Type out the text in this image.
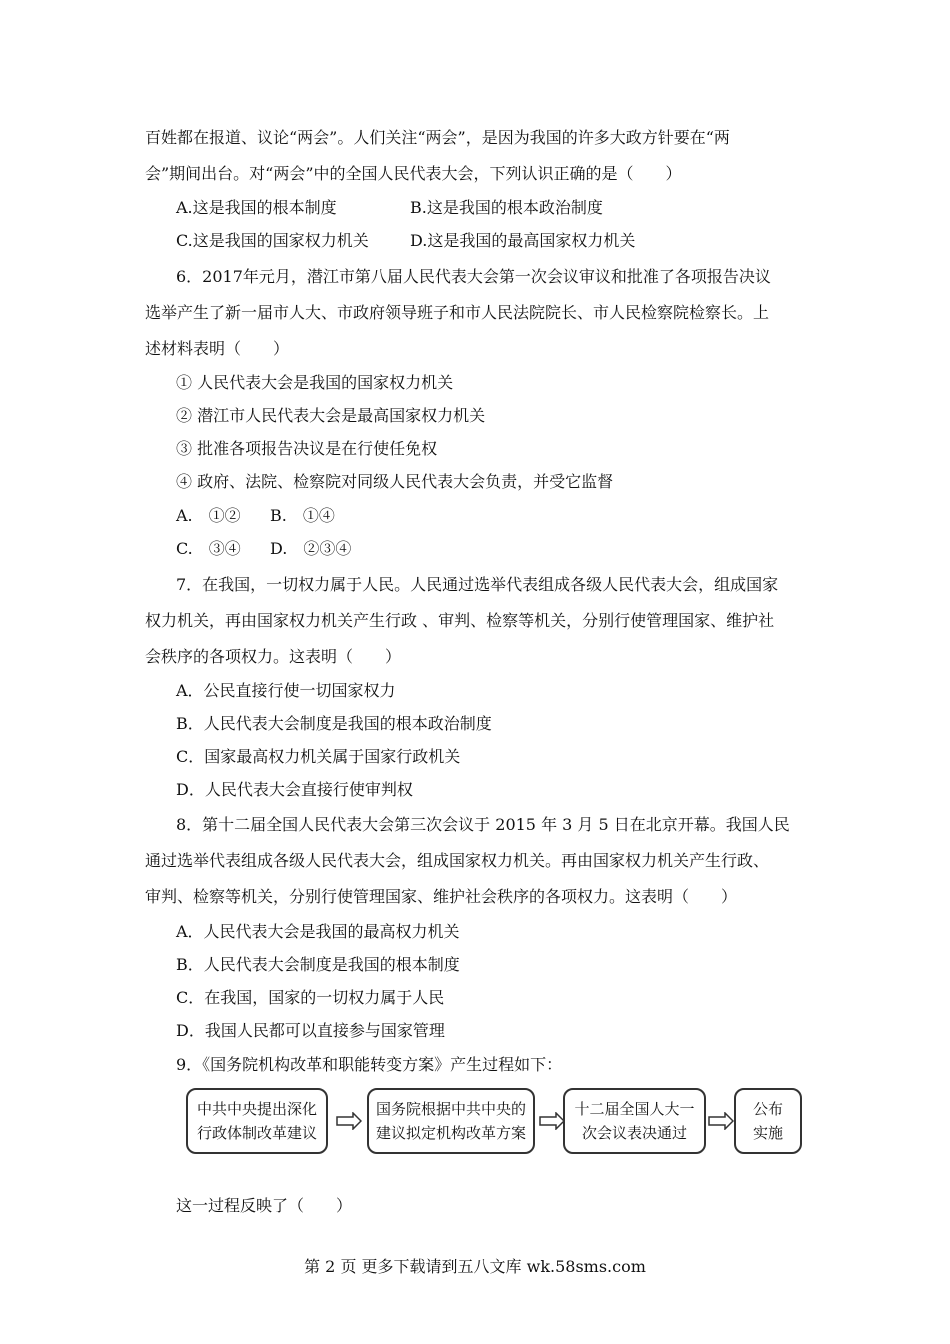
百姓都在报道、议论“两会”。人们关注“两会”，是因为我国的许多大政方针要在“两
会”期间出台。对“两会”中的全国人民代表大会，下列认识正确的是（　　）
A.这是我国的根本制度	B.这是我国的根本政治制度
C.这是我国的国家权力机关	D.这是我国的最高国家权力机关
6．2017年元月，潜江市第八届人民代表大会第一次会议审议和批准了各项报告决议
选举产生了新一届市人大、市政府领导班子和市人民法院院长、市人民检察院检察长。上
述材料表明（　　）
① 人民代表大会是我国的国家权力机关
② 潜江市人民代表大会是最高国家权力机关
③ 批准各项报告决议是在行使任免权
④ 政府、法院、检察院对同级人民代表大会负责，并受它监督
A.　①② B.　①④
C.　③④ D.　②③④
7．在我国，一切权力属于人民。人民通过选举代表组成各级人民代表大会，组成国家
权力机关，再由国家权力机关产生行政 、审判、检察等机关，分别行使管理国家、维护社
会秩序的各项权力。这表明（　　）
A．公民直接行使一切国家权力
B．人民代表大会制度是我国的根本政治制度
C．国家最高权力机关属于国家行政机关
D．人民代表大会直接行使审判权
8．第十二届全国人民代表大会第三次会议于 2015 年 3 月 5 日在北京开幕。我国人民
通过选举代表组成各级人民代表大会，组成国家权力机关。再由国家权力机关产生行政、
审判、检察等机关，分别行使管理国家、维护社会秩序的各项权力。这表明（　　）
A．人民代表大会是我国的最高权力机关
B．人民代表大会制度是我国的根本制度
C．在我国，国家的一切权力属于人民
D．我国人民都可以直接参与国家管理
9．《国务院机构改革和职能转变方案》产生过程如下：
中共中央提出深化
行政体制改革建议
国务院根据中共中央的
建议拟定机构改革方案
十二届全国人大一
次会议表决通过
公布
实施
这一过程反映了（　　）
第 2 页 更多下载请到五八文库 wk.58sms.com
